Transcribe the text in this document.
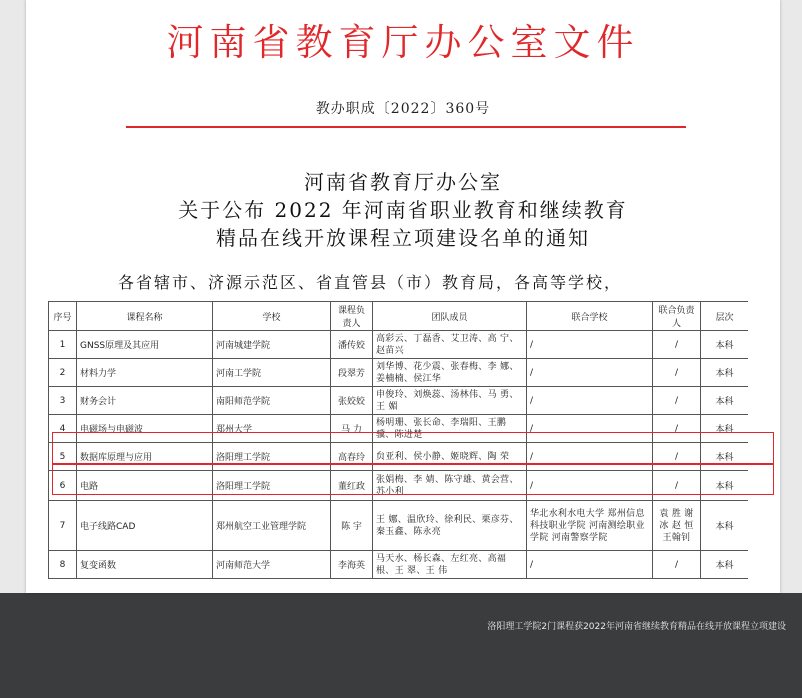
河南省教育厅办公室文件
教办职成〔2022〕360号
河南省教育厅办公室
关于公布 2022 年河南省职业教育和继续教育
精品在线开放课程立项建设名单的通知
各省辖市、济源示范区、省直管县（市）教育局，各高等学校，
序号	课程名称	学校	课程负责人	团队成员	联合学校	联合负责人	层次
1	GNSS原理及其应用	河南城建学院	潘传姣	高彩云、丁磊香、艾卫涛、高 宁、赵苗兴	/	/	本科
2	材料力学	河南工学院	段翠芳	刘华博、花少震、张春梅、李 娜、姜楠楠、侯江华	/	/	本科
3	财务会计	南阳师范学院	张姣姣	申俊玲、刘焕蕊、汤林伟、马 勇、王 媚	/	/	本科
4	电磁场与电磁波	郑州大学	马 力	杨明珊、张长命、李瑞阳、王鹏骥、陈进楚	/	/	本科
5	数据库原理与应用	洛阳理工学院	高春玲	贠亚利、侯小静、姬晓辉、陶 荣	/	/	本科
6	电路	洛阳理工学院	董红政	张娟梅、李 婧、陈守雄、黄会营、苏小利	/	/	本科
7	电子线路CAD	郑州航空工业管理学院	陈 宇	王 娜、温欣玲、徐利民、栗彦芬、秦玉鑫、陈永亮	华北水利水电大学 郑州信息科技职业学院 河南测绘职业学院 河南警察学院	袁 胜 谢 冰 赵 恒 王翰钊	本科
8	复变函数	河南师范大学	李海英	马天水、杨长森、左红亮、高福根、王 翠、王 伟	/	/	本科
洛阳理工学院2门课程获2022年河南省继续教育精品在线开放课程立项建设
